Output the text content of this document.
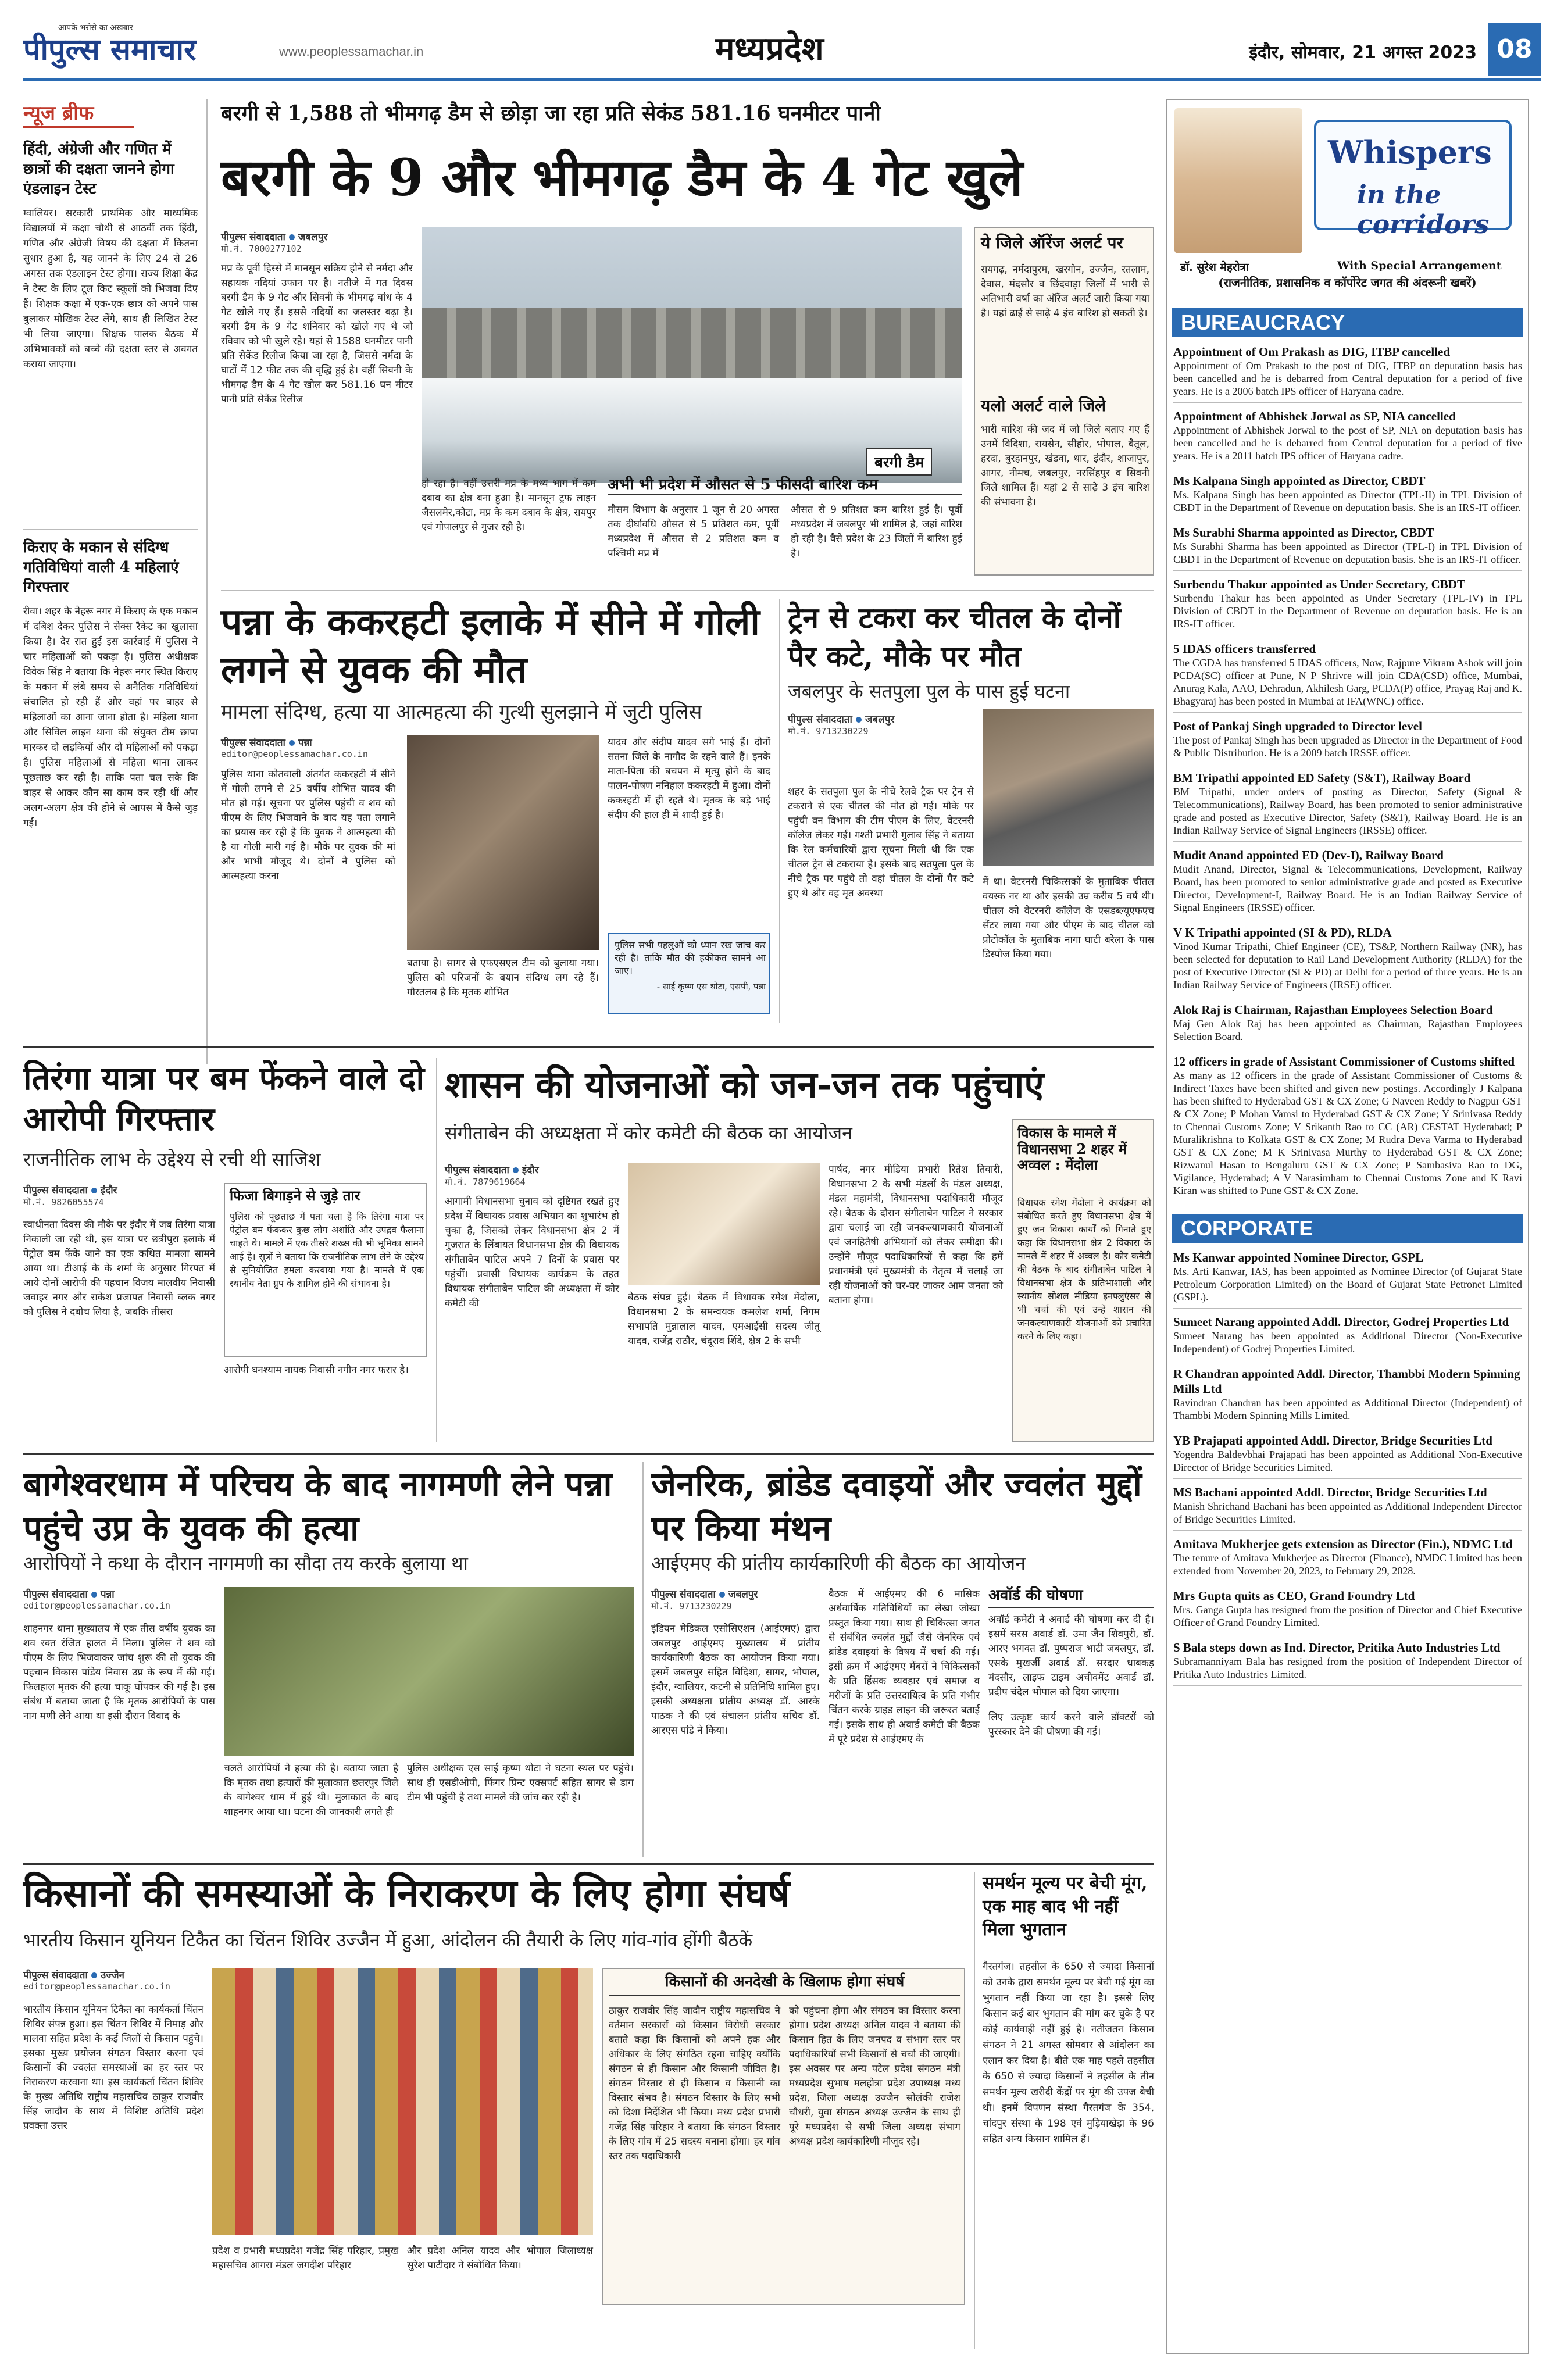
आपके भरोसे का अखबार
पीपुल्स समाचार	www.peoplessamachar.in	मध्यप्रदेश	इंदौर, सोमवार, 21 अगस्त 2023 08
न्यूज ब्रीफ
हिंदी, अंग्रेजी और गणित में छात्रों की दक्षता जानने होगा एंडलाइन टेस्ट
ग्वालियर। सरकारी प्राथमिक और माध्यमिक विद्यालयों में कक्षा चौथी से आठवीं तक हिंदी, गणित और अंग्रेजी विषय की दक्षता में कितना सुधार हुआ है, यह जानने के लिए 24 से 26 अगस्त तक एंडलाइन टेस्ट होगा। राज्य शिक्षा केंद्र ने टेस्ट के लिए टूल किट स्कूलों को भिजवा दिए हैं। शिक्षक कक्षा में एक-एक छात्र को अपने पास बुलाकर मौखिक टेस्ट लेंगे, साथ ही लिखित टेस्ट भी लिया जाएगा। शिक्षक पालक बैठक में अभिभावकों को बच्चे की दक्षता स्तर से अवगत कराया जाएगा।
किराए के मकान से संदिग्ध गतिविधियां वाली 4 महिलाएं गिरफ्तार
रीवा। शहर के नेहरू नगर में किराए के एक मकान में दबिश देकर पुलिस ने सेक्स रैकेट का खुलासा किया है। देर रात हुई इस कार्रवाई में पुलिस ने चार महिलाओं को पकड़ा है। पुलिस अधीक्षक विवेक सिंह ने बताया कि नेहरू नगर स्थित किराए के मकान में लंबे समय से अनैतिक गतिविधियां संचालित हो रही हैं और वहां पर बाहर से महिलाओं का आना जाना होता है। महिला थाना और सिविल लाइन थाना की संयुक्त टीम छापा मारकर दो लड़कियों और दो महिलाओं को पकड़ा है। पुलिस महिलाओं से महिला थाना लाकर पूछताछ कर रही है। ताकि पता चल सके कि बाहर से आकर कौन सा काम कर रही थीं और अलग-अलग क्षेत्र की होने से आपस में कैसे जुड़ गईं।
बरगी से 1,588 तो भीमगढ़ डैम से छोड़ा जा रहा प्रति सेकंड 581.16 घनमीटर पानी
बरगी के 9 और भीमगढ़ डैम के 4 गेट खुले
पीपुल्स संवाददाता जबलपुर
मो.नं. 7000277102
मप्र के पूर्वी हिस्से में मानसून सक्रिय होने से नर्मदा और सहायक नदियां उफान पर है। नतीजे में गत दिवस बरगी डैम के 9 गेट और सिवनी के भीमगढ़ बांध के 4 गेट खोले गए हैं। इससे नदियों का जलस्तर बढ़ा है। बरगी डैम के 9 गेट शनिवार को खोले गए थे जो रविवार को भी खुले रहे। यहां से 1588 घनमीटर पानी प्रति सेकेंड रिलीज किया जा रहा है, जिससे नर्मदा के घाटों में 12 फीट तक की वृद्धि हुई है। वहीं सिवनी के भीमगढ़ डैम के 4 गेट खोल कर 581.16 घन मीटर पानी प्रति सेकेंड रिलीज
बरगी डैम
हो रहा है। वहीं उत्तरी मप्र के मध्य भाग में कम दबाव का क्षेत्र बना हुआ है। मानसून ट्रफ लाइन जैसलमेर,कोटा, मप्र के कम दबाव के क्षेत्र, रायपुर एवं गोपालपुर से गुजर रही है।
अभी भी प्रदेश में औसत से 5 फीसदी बारिश कम
मौसम विभाग के अनुसार 1 जून से 20 अगस्त तक दीर्घावधि औसत से 5 प्रतिशत कम, पूर्वी मध्यप्रदेश में औसत से 2 प्रतिशत कम व पश्चिमी मप्र में
औसत से 9 प्रतिशत कम बारिश हुई है। पूर्वी मध्यप्रदेश में जबलपुर भी शामिल है, जहां बारिश हो रही है। वैसे प्रदेश के 23 जिलों में बारिश हुई है।
ये जिले ऑरेंज अलर्ट पर
रायगढ़, नर्मदापुरम, खरगोन, उज्जैन, रतलाम, देवास, मंदसौर व छिंदवाड़ा जिलों में भारी से अतिभारी वर्षा का ऑरेंज अलर्ट जारी किया गया है। यहां ढाई से साढ़े 4 इंच बारिश हो सकती है।
यलो अलर्ट वाले जिले
भारी बारिश की जद में जो जिले बताए गए हैं उनमें विदिशा, रायसेन, सीहोर, भोपाल, बैतूल, हरदा, बुरहानपुर, खंडवा, धार, इंदौर, शाजापुर, आगर, नीमच, जबलपुर, नरसिंहपुर व सिवनी जिले शामिल हैं। यहां 2 से साढ़े 3 इंच बारिश की संभावना है।
पन्ना के ककरहटी इलाके में सीने में गोली लगने से युवक की मौत
मामला संदिग्ध, हत्या या आत्महत्या की गुत्थी सुलझाने में जुटी पुलिस
पीपुल्स संवाददाता पन्ना
editor@peoplessamachar.co.in
पुलिस थाना कोतवाली अंतर्गत ककरहटी में सीने में गोली लगने से 25 वर्षीय शोभित यादव की मौत हो गई। सूचना पर पुलिस पहुंची व शव को पीएम के लिए भिजवाने के बाद यह पता लगाने का प्रयास कर रही है कि युवक ने आत्महत्या की है या गोली मारी गई है। मौके पर युवक की मां और भाभी मौजूद थे। दोनों ने पुलिस को आत्महत्या करना
बताया है। सागर से एफएसएल टीम को बुलाया गया। पुलिस को परिजनों के बयान संदिग्ध लग रहे हैं। गौरतलब है कि मृतक शोभित
यादव और संदीप यादव सगे भाई हैं। दोनों सतना जिले के नागौद के रहने वाले हैं। इनके माता-पिता की बचपन में मृत्यु होने के बाद पालन-पोषण ननिहाल ककरहटी में हुआ। दोनों ककरहटी में ही रहते थे। मृतक के बड़े भाई संदीप की हाल ही में शादी हुई है।
पुलिस सभी पहलुओं को ध्यान रख जांच कर रही है। ताकि मौत की हकीकत सामने आ जाए।
- साईं कृष्ण एस थोटा, एसपी, पन्ना
ट्रेन से टकरा कर चीतल के दोनों पैर कटे, मौके पर मौत
जबलपुर के सतपुला पुल के पास हुई घटना
पीपुल्स संवाददाता जबलपुर
मो.नं. 9713230229
शहर के सतपुला पुल के नीचे रेलवे ट्रैक पर ट्रेन से टकराने से एक चीतल की मौत हो गई। मौके पर पहुंची वन विभाग की टीम पीएम के लिए, वेटरनरी कॉलेज लेकर गई। गश्ती प्रभारी गुलाब सिंह ने बताया कि रेल कर्मचारियों द्वारा सूचना मिली थी कि एक चीतल ट्रेन से टकराया है। इसके बाद सतपुला पुल के नीचे ट्रैक पर पहुंचे तो वहां चीतल के दोनों पैर कटे हुए थे और वह मृत अवस्था
में था। वेटरनरी चिकित्सकों के मुताबिक चीतल वयस्क नर था और इसकी उम्र करीब 5 वर्ष थी। चीतल को वेटरनरी कॉलेज के एसडब्ल्यूएफएच सेंटर लाया गया और पीएम के बाद चीतल को प्रोटोकॉल के मुताबिक नागा घाटी बरेला के पास डिस्पोज किया गया।
तिरंगा यात्रा पर बम फेंकने वाले दो आरोपी गिरफ्तार
राजनीतिक लाभ के उद्देश्य से रची थी साजिश
पीपुल्स संवाददाता इंदौर
मो.नं. 9826055574
स्वाधीनता दिवस की मौके पर इंदौर में जब तिरंगा यात्रा निकाली जा रही थी, इस यात्रा पर छत्रीपुरा इलाके में पेट्रोल बम फेंके जाने का एक कथित मामला सामने आया था। टीआई के के शर्मा के अनुसार गिरफ्त में आये दोनों आरोपी की पहचान विजय मालवीय निवासी जवाहर नगर और राकेश प्रजापत निवासी ब्लक नगर को पुलिस ने दबोच लिया है, जबकि तीसरा
फिजा बिगाड़ने से जुड़े तार
पुलिस को पूछताछ में पता चला है कि तिरंगा यात्रा पर पेट्रोल बम फेंककर कुछ लोग अशांति और उपद्रव फैलाना चाहते थे। मामले में एक तीसरे शख्स की भी भूमिका सामने आई है। सूत्रों ने बताया कि राजनीतिक लाभ लेने के उद्देश्य से सुनियोजित हमला करवाया गया है। मामले में एक स्थानीय नेता ग्रुप के शामिल होने की संभावना है।
आरोपी घनश्याम नायक निवासी नगीन नगर फरार है।
शासन की योजनाओं को जन-जन तक पहुंचाएं
संगीताबेन की अध्यक्षता में कोर कमेटी की बैठक का आयोजन
पीपुल्स संवाददाता इंदौर
मो.नं. 7879619664
आगामी विधानसभा चुनाव को दृष्टिगत रखते हुए प्रदेश में विधायक प्रवास अभियान का शुभारंभ हो चुका है, जिसको लेकर विधानसभा क्षेत्र 2 में गुजरात के लिंबायत विधानसभा क्षेत्र की विधायक संगीताबेन पाटिल अपने 7 दिनों के प्रवास पर पहुंचीं। प्रवासी विधायक कार्यक्रम के तहत विधायक संगीताबेन पाटिल की अध्यक्षता में कोर कमेटी की	बैठक संपन्न हुई। बैठक में विधायक रमेश मेंदोला, विधानसभा 2 के समन्वयक कमलेश शर्मा, निगम सभापति मुन्नालाल यादव, एमआईसी सदस्य जीतू यादव, राजेंद्र राठौर, चंदूराव शिंदे, क्षेत्र 2 के सभी
पार्षद, नगर मीडिया प्रभारी रितेश तिवारी, विधानसभा 2 के सभी मंडलों के मंडल अध्यक्ष, मंडल महामंत्री, विधानसभा पदाधिकारी मौजूद रहे। बैठक के दौरान संगीताबेन पाटिल ने सरकार द्वारा चलाई जा रही जनकल्याणकारी योजनाओं एवं जनहितैषी अभियानों को लेकर समीक्षा की। उन्होंने मौजूद पदाधिकारियों से कहा कि हमें प्रधानमंत्री एवं मुख्यमंत्री के नेतृत्व में चलाई जा रही योजनाओं को घर-घर जाकर आम जनता को बताना होगा।
विकास के मामले में विधानसभा 2 शहर में अव्वल : मेंदोला
विधायक रमेश मेंदोला ने कार्यक्रम को संबोधित करते हुए विधानसभा क्षेत्र में हुए जन विकास कार्यों को गिनाते हुए कहा कि विधानसभा क्षेत्र 2 विकास के मामले में शहर में अव्वल है। कोर कमेटी की बैठक के बाद संगीताबेन पाटिल ने विधानसभा क्षेत्र के प्रतिभाशाली और स्थानीय सोशल मीडिया इनफ्लुएंसर से भी चर्चा की एवं उन्हें शासन की जनकल्याणकारी योजनाओं को प्रचारित करने के लिए कहा।
बागेश्वरधाम में परिचय के बाद नागमणी लेने पन्ना पहुंचे उप्र के युवक की हत्या
आरोपियों ने कथा के दौरान नागमणी का सौदा तय करके बुलाया था
पीपुल्स संवाददाता पन्ना
editor@peoplessamachar.co.in
शाहनगर थाना मुख्यालय में एक तीस वर्षीय युवक का शव रक्त रंजित हालत में मिला। पुलिस ने शव को पीएम के लिए भिजवाकर जांच शुरू की तो युवक की पहचान विकास पांडेय निवास उप्र के रूप में की गई। फिलहाल मृतक की हत्या चाकू घोंपकर की गई है। इस संबंध में बताया जाता है कि मृतक आरोपियों के पास नाग मणी लेने आया था इसी दौरान विवाद के
चलते आरोपियों ने हत्या की है। बताया जाता है कि मृतक तथा हत्यारों की मुलाकात छतरपुर जिले के बागेश्वर धाम में हुई थी। मुलाकात के बाद शाहनगर आया था। घटना की जानकारी लगते ही
पुलिस अधीक्षक एस साईं कृष्ण थोटा ने घटना स्थल पर पहुंचे। साथ ही एसडीओपी, फिंगर प्रिन्ट एक्सपर्ट सहित सागर से डाग टीम भी पहुंची है तथा मामले की जांच कर रही है।
जेनरिक, ब्रांडेड दवाइयों और ज्वलंत मुद्दों पर किया मंथन
आईएमए की प्रांतीय कार्यकारिणी की बैठक का आयोजन
पीपुल्स संवाददाता जबलपुर
मो.नं. 9713230229
इंडियन मेडिकल एसोसिएशन (आईएमए) द्वारा जबलपुर आईएमए मुख्यालय में प्रांतीय कार्यकारिणी बैठक का आयोजन किया गया। इसमें जबलपुर सहित विदिशा, सागर, भोपाल, इंदौर, ग्वालियर, कटनी से प्रतिनिधि शामिल हुए। इसकी अध्यक्षता प्रांतीय अध्यक्ष डॉ. आरके पाठक ने की एवं संचालन प्रांतीय सचिव डॉ. आरएस पांडे ने किया।
बैठक में आईएमए की 6 मासिक अर्धवार्षिक गतिविधियों का लेखा जोखा प्रस्तुत किया गया। साथ ही चिकित्सा जगत से संबंधित ज्वलंत मुद्दों जैसे जेनरिक एवं ब्रांडेड दवाइयां के विषय में चर्चा की गई। इसी क्रम में आईएमए मेंबरों ने चिकित्सकों के प्रति हिंसक व्यवहार एवं समाज व मरीजों के प्रति उत्तरदायित्व के प्रति गंभीर चिंतन करके ग्राइड लाइन की जरूरत बताई गई। इसके साथ ही अवार्ड कमेटी की बैठक में पूरे प्रदेश से आईएमए के
अवॉर्ड की घोषणा
अवॉर्ड कमेटी ने अवार्ड की घोषणा कर दी है। इसमें सरस अवार्ड डॉ. उमा जैन शिवपुरी, डॉ. आरए भगवत डॉ. पुष्पराज भाटी जबलपुर, डॉ. एसके मुखर्जी अवार्ड डॉ. सरदार धाबकड़ मंदसौर, लाइफ टाइम अचीवमेंट अवार्ड डॉ. प्रदीप चंदेल भोपाल को दिया जाएगा।
लिए उत्कृष्ट कार्य करने वाले डॉक्टरों को पुरस्कार देने की घोषणा की गई।
किसानों की समस्याओं के निराकरण के लिए होगा संघर्ष
भारतीय किसान यूनियन टिकैत का चिंतन शिविर उज्जैन में हुआ, आंदोलन की तैयारी के लिए गांव-गांव होंगी बैठकें
पीपुल्स संवाददाता उज्जैन
editor@peoplessamachar.co.in
भारतीय किसान यूनियन टिकैत का कार्यकर्ता चिंतन शिविर संपन्न हुआ। इस चिंतन शिविर में निमाड़ और मालवा सहित प्रदेश के कई जिलों से किसान पहुंचे। इसका मुख्य प्रयोजन संगठन विस्तार करना एवं किसानों की ज्वलंत समस्याओं का हर स्तर पर निराकरण करवाना था। इस कार्यकर्ता चिंतन शिविर के मुख्य अतिथि राष्ट्रीय महासचिव ठाकुर राजवीर सिंह जादौन के साथ में विशिष्ट अतिथि प्रदेश प्रवक्ता उत्तर
प्रदेश व प्रभारी मध्यप्रदेश गजेंद्र सिंह परिहार, प्रमुख महासचिव आगरा मंडल जगदीश परिहार
और प्रदेश अनिल यादव और भोपाल जिलाध्यक्ष सुरेश पाटीदार ने संबोधित किया।
किसानों की अनदेखी के खिलाफ होगा संघर्ष
ठाकुर राजवीर सिंह जादौन राष्ट्रीय महासचिव ने वर्तमान सरकारों को किसान विरोधी सरकार बताते कहा कि किसानों को अपने हक और अधिकार के लिए संगठित रहना चाहिए क्योंकि संगठन से ही किसान और किसानी जीवित है। संगठन विस्तार से ही किसान व किसानी का विस्तार संभव है। संगठन विस्तार के लिए सभी को दिशा निर्देशित भी किया। मध्य प्रदेश प्रभारी गजेंद्र सिंह परिहार ने बताया कि संगठन विस्तार के लिए गांव में 25 सदस्य बनाना होगा। हर गांव स्तर तक पदाधिकारी
को पहुंचना होगा और संगठन का विस्तार करना होगा। प्रदेश अध्यक्ष अनिल यादव ने बताया की किसान हित के लिए जनपद व संभाग स्तर पर पदाधिकारियों सभी किसानों से चर्चा की जाएगी। इस अवसर पर अन्य पटेल प्रदेश संगठन मंत्री मध्यप्रदेश सुभाष मलहोत्रा प्रदेश उपाध्यक्ष मध्य प्रदेश, जिला अध्यक्ष उज्जैन सोलंकी राजेश चौधरी, युवा संगठन अध्यक्ष उज्जैन के साथ ही पूरे मध्यप्रदेश से सभी जिला अध्यक्ष संभाग अध्यक्ष प्रदेश कार्यकारिणी मौजूद रहे।
समर्थन मूल्य पर बेची मूंग, एक माह बाद भी नहीं मिला भुगतान
गैरतगंज। तहसील के 650 से ज्यादा किसानों को उनके द्वारा समर्थन मूल्य पर बेची गई मूंग का भुगतान नहीं किया जा रहा है। इससे लिए किसान कई बार भुगतान की मांग कर चुके है पर कोई कार्यवाही नहीं हुई है। नतीजतन किसान संगठन ने 21 अगस्त सोमवार से आंदोलन का एलान कर दिया है। बीते एक माह पहले तहसील के 650 से ज्यादा किसानों ने तहसील के तीन समर्थन मूल्य खरीदी केंद्रों पर मूंग की उपज बेची थी। इनमें विपणन संस्था गैरतगंज के 354, चांदपुर संस्था के 198 एवं मुड़ियाखेड़ा के 96 सहित अन्य किसान शामिल हैं।
Whispers
in the corridors
डॉ. सुरेश मेहरोत्रा	With Special Arrangement
(राजनीतिक, प्रशासनिक व कॉर्पोरेट जगत की अंदरूनी खबरें)
BUREAUCRACY
Appointment of Om Prakash as DIG, ITBP cancelled
Appointment of Om Prakash to the post of DIG, ITBP on deputation basis has been cancelled and he is debarred from Central deputation for a period of five years. He is a 2006 batch IPS officer of Haryana cadre.
Appointment of Abhishek Jorwal as SP, NIA cancelled
Appointment of Abhishek Jorwal to the post of SP, NIA on deputation basis has been cancelled and he is debarred from Central deputation for a period of five years. He is a 2011 batch IPS officer of Haryana cadre.
Ms Kalpana Singh appointed as Director, CBDT
Ms. Kalpana Singh has been appointed as Director (TPL-II) in TPL Division of CBDT in the Department of Revenue on deputation basis. She is an IRS-IT officer.
Ms Surabhi Sharma appointed as Director, CBDT
Ms Surabhi Sharma has been appointed as Director (TPL-I) in TPL Division of CBDT in the Department of Revenue on deputation basis. She is an IRS-IT officer.
Surbendu Thakur appointed as Under Secretary, CBDT
Surbendu Thakur has been appointed as Under Secretary (TPL-IV) in TPL Division of CBDT in the Department of Revenue on deputation basis. He is an IRS-IT officer.
5 IDAS officers transferred
The CGDA has transferred 5 IDAS officers, Now, Rajpure Vikram Ashok will join PCDA(SC) officer at Pune, N P Shrivre will join CDA(CSD) office, Mumbai, Anurag Kala, AAO, Dehradun, Akhilesh Garg, PCDA(P) office, Prayag Raj and K. Bhagyaraj has been posted in Mumbai at IFA(WNC) office.
Post of Pankaj Singh upgraded to Director level
The post of Pankaj Singh has been upgraded as Director in the Department of Food & Public Distribution. He is a 2009 batch IRSSE officer.
BM Tripathi appointed ED Safety (S&T), Railway Board
BM Tripathi, under orders of posting as Director, Safety (Signal & Telecommunications), Railway Board, has been promoted to senior administrative grade and posted as Executive Director, Safety (S&T), Railway Board. He is an Indian Railway Service of Signal Engineers (IRSSE) officer.
Mudit Anand appointed ED (Dev-I), Railway Board
Mudit Anand, Director, Signal & Telecommunications, Development, Railway Board, has been promoted to senior administrative grade and posted as Executive Director, Development-I, Railway Board. He is an Indian Railway Service of Signal Engineers (IRSSE) officer.
V K Tripathi appointed (SI & PD), RLDA
Vinod Kumar Tripathi, Chief Engineer (CE), TS&P, Northern Railway (NR), has been selected for deputation to Rail Land Development Authority (RLDA) for the post of Executive Director (SI & PD) at Delhi for a period of three years. He is an Indian Railway Service of Engineers (IRSE) officer.
Alok Raj is Chairman, Rajasthan Employees Selection Board
Maj Gen Alok Raj has been appointed as Chairman, Rajasthan Employees Selection Board.
12 officers in grade of Assistant Commissioner of Customs shifted
As many as 12 officers in the grade of Assistant Commissioner of Customs & Indirect Taxes have been shifted and given new postings. Accordingly J Kalpana has been shifted to Hyderabad GST & CX Zone; G Naveen Reddy to Nagpur GST & CX Zone; P Mohan Vamsi to Hyderabad GST & CX Zone; Y Srinivasa Reddy to Chennai Customs Zone; V Srikanth Rao to CC (AR) CESTAT Hyderabad; P Muralikrishna to Kolkata GST & CX Zone; M Rudra Deva Varma to Hyderabad GST & CX Zone; M K Srinivasa Murthy to Hyderabad GST & CX Zone; Rizwanul Hasan to Bengaluru GST & CX Zone; P Sambasiva Rao to DG, Vigilance, Hyderabad; A V Narasimham to Chennai Customs Zone and K Ravi Kiran was shifted to Pune GST & CX Zone.
CORPORATE
Ms Kanwar appointed Nominee Director, GSPL
Ms. Arti Kanwar, IAS, has been appointed as Nominee Director (of Gujarat State Petroleum Corporation Limited) on the Board of Gujarat State Petronet Limited (GSPL).
Sumeet Narang appointed Addl. Director, Godrej Properties Ltd
Sumeet Narang has been appointed as Additional Director (Non-Executive Independent) of Godrej Properties Limited.
R Chandran appointed Addl. Director, Thambbi Modern Spinning Mills Ltd
Ravindran Chandran has been appointed as Additional Director (Independent) of Thambbi Modern Spinning Mills Limited.
YB Prajapati appointed Addl. Director, Bridge Securities Ltd
Yogendra Baldevbhai Prajapati has been appointed as Additional Non-Executive Director of Bridge Securities Limited.
MS Bachani appointed Addl. Director, Bridge Securities Ltd
Manish Shrichand Bachani has been appointed as Additional Independent Director of Bridge Securities Limited.
Amitava Mukherjee gets extension as Director (Fin.), NDMC Ltd
The tenure of Amitava Mukherjee as Director (Finance), NMDC Limited has been extended from November 20, 2023, to February 29, 2028.
Mrs Gupta quits as CEO, Grand Foundry Ltd
Mrs. Ganga Gupta has resigned from the position of Director and Chief Executive Officer of Grand Foundry Limited.
S Bala steps down as Ind. Director, Pritika Auto Industries Ltd
Subramanniyam Bala has resigned from the position of Independent Director of Pritika Auto Industries Limited.
